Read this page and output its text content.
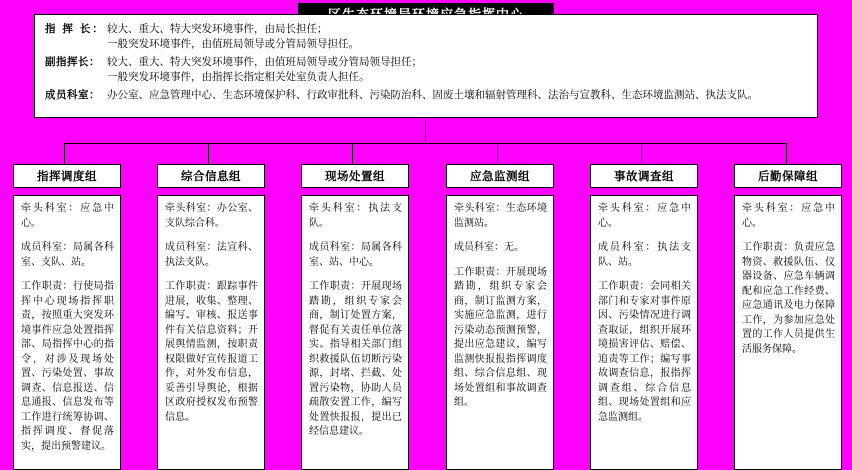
指 挥 长： 较大、重大、特大突发环境事件，由局长担任；
一般突发环境事件，由值班局领导或分管局领导担任。
副指挥长： 较大、重大、特大突发环境事件，由值班局领导或分管局领导担任；
一般突发环境事件，由指挥长指定相关处室负责人担任。
成员科室： 办公室、应急管理中心、生态环境保护科、行政审批科、污染防治科、固废土壤和辐射管理科、法治与宣教科、生态环境监测站、执法支队。
指挥调度组

牵头科室：应急中心。

成员科室：局属各科室、支队、站。

工作职责：行使局指挥中心现场指挥职责，按照重大突发环境事件应急处置指挥部、局指挥中心的指令，对涉及现场处置、污染处置、事故调查、信息报送、信息通报、信息发布等工作进行统筹协调、指挥调度、督促落实，提出预警建议。

综合信息组

牵头科室：办公室、支队综合科。

成员科室：法宣科、执法支队。

工作职责：跟踪事件进展，收集、整理、编写、审核、报送事件有关信息资料；开展舆情监测，按职责权限做好宣传报道工作，对外发布信息，妥善引导舆论，根据区政府授权发布预警信息。

现场处置组

牵头科室：执法支队。

成员科室：局属各科室、站、中心。

工作职责：开展现场踏勘，组织专家会商，制订处置方案，督促有关责任单位落实。指导相关部门组织救援队伍切断污染源，封堵、拦截、处置污染物，协助人员疏散安置工作，编写处置快报报，提出已经信息建议。

应急监测组

牵头科室：生态环境监测站。

成员科室：无。

工作职责：开展现场踏勘，组织专家会商，制订监测方案，实施应急监测，进行污染动态预测预警，提出应急建议，编写监测快报报指挥调度组、综合信息组、现场处置组和事故调查组。

事故调查组

牵头科室：应急中心。

成员科室：执法支队、站。

工作职责：会同相关部门和专家对事件原因、污染情况进行调查取证，组织开展环境损害评估、赔偿、追责等工作；编写事故调查信息，报指挥调查组、综合信息组、现场处置组和应急监测组。

后勤保障组

牵头科室：应急中心。

工作职责：负责应急物资、救援队伍、仪器设备、应急车辆调配和应急工作经费、应急通讯及电力保障工作，为参加应急处置的工作人员提供生活服务保障。
